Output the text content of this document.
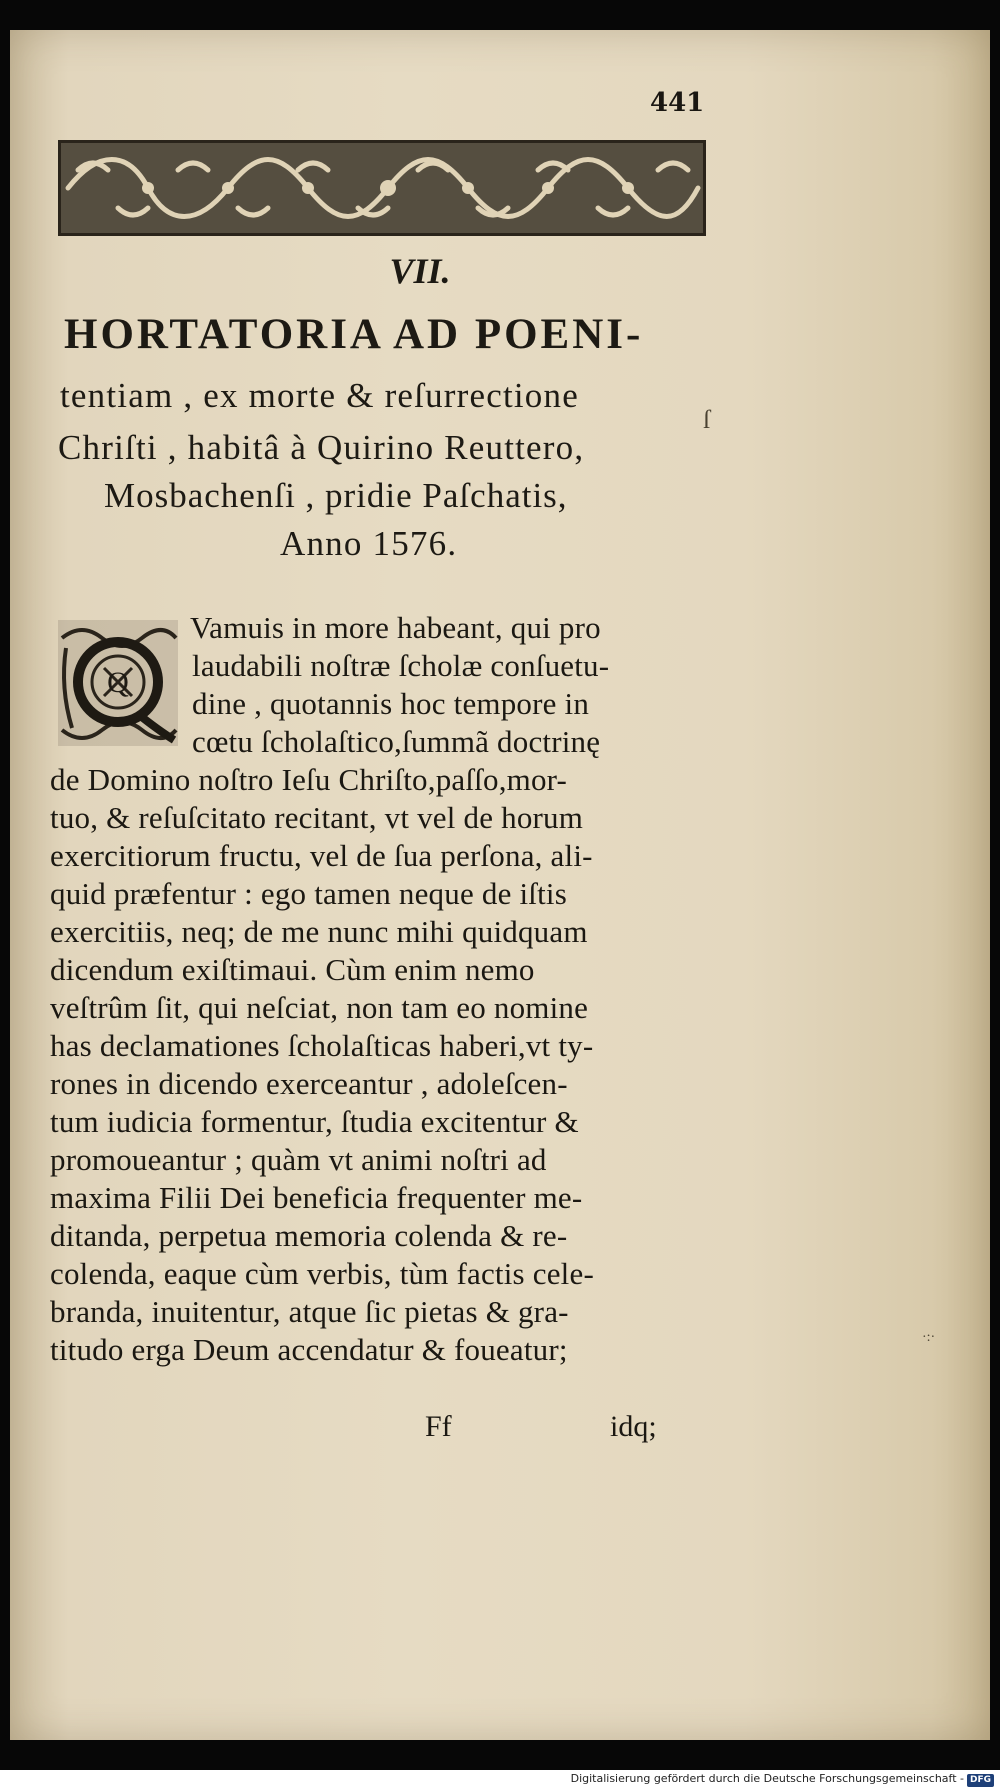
441
VII.
HORTATORIA AD POENI-
tentiam , ex morte & reſurrectione
Chriſti , habitâ à Quirino Reuttero,
Mosbachenſi , pridie Paſchatis,
Anno 1576.
Q
Vamuis in more habeant, qui pro
laudabili noſtræ ſcholæ conſuetu-
dine , quotannis hoc tempore in
cœtu ſcholaſtico,ſummã doctrinę
de Domino noſtro Ieſu Chriſto,paſſo,mor-
tuo, & reſuſcitato recitant, vt vel de horum
exercitiorum fructu, vel de ſua perſona, ali-
quid præfentur : ego tamen neque de iſtis
exercitiis, neq; de me nunc mihi quidquam
dicendum exiſtimaui. Cùm enim nemo
veſtrûm ſit, qui neſciat, non tam eo nomine
has declamationes ſcholaſticas haberi,vt ty-
rones in dicendo exerceantur , adoleſcen-
tum iudicia formentur, ſtudia excitentur &
promoueantur ; quàm vt animi noſtri ad
maxima Filii Dei beneficia frequenter me-
ditanda, perpetua memoria colenda & re-
colenda, eaque cùm verbis, tùm factis cele-
branda, inuitentur, atque ſic pietas & gra-
titudo erga Deum accendatur & foueatur;
Ff	idq;
ſ
·:·
Digitalisierung gefördert durch die Deutsche Forschungsgemeinschaft - DFG
